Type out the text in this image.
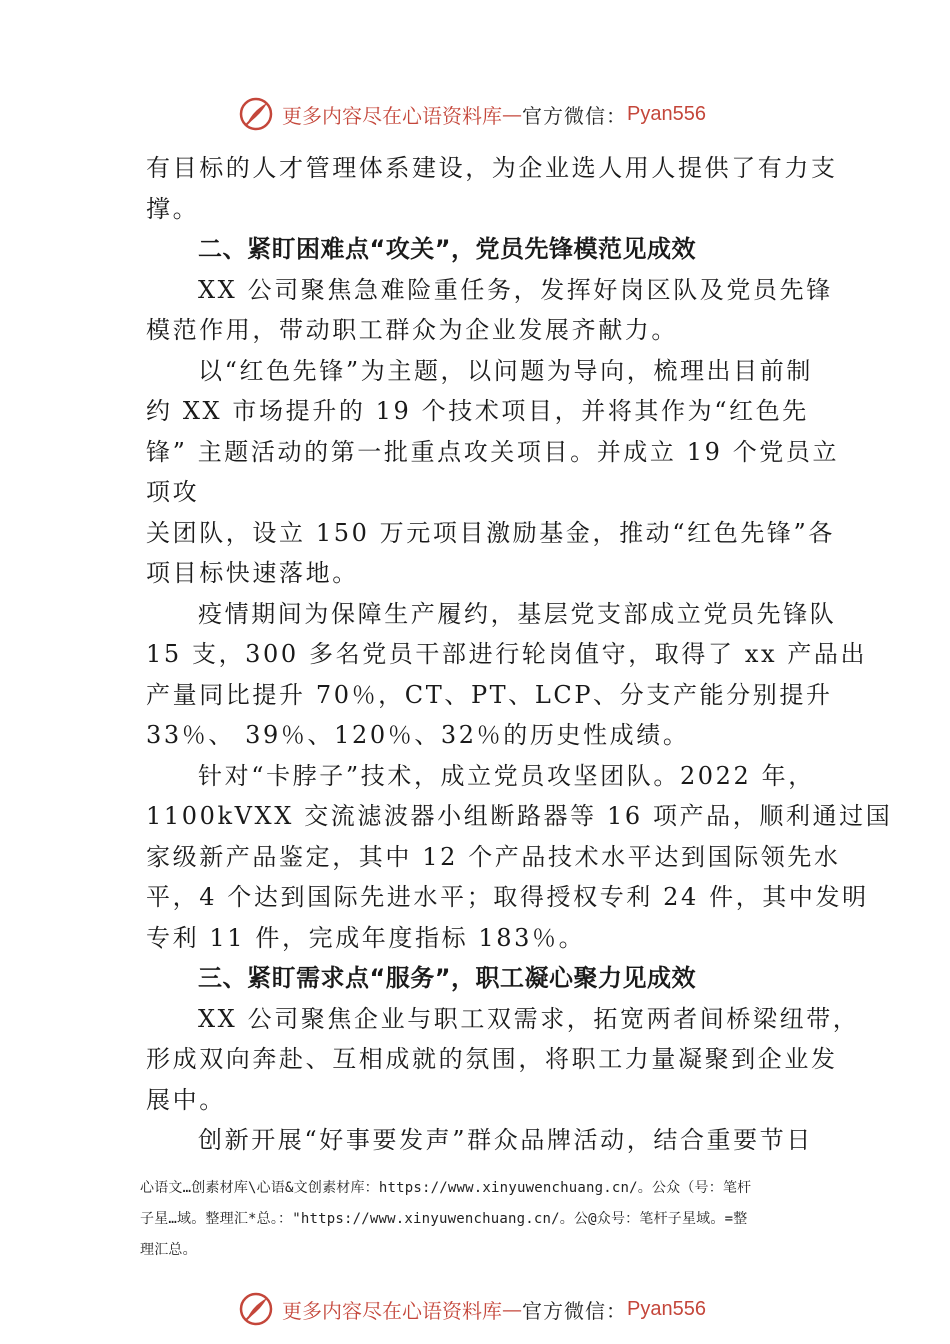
更多内容尽在心语资料库 — 官方微信： Pyan556
有目标的人才管理体系建设，为企业选人用人提供了有力支
撑。
二、紧盯困难点“攻关”，党员先锋模范见成效
XX 公司聚焦急难险重任务，发挥好岗区队及党员先锋
模范作用，带动职工群众为企业发展齐献力。
以“红色先锋”为主题，以问题为导向，梳理出目前制
约 XX 市场提升的 19 个技术项目，并将其作为“红色先
锋” 主题活动的第一批重点攻关项目。并成立 19 个党员立
项攻
关团队，设立 150 万元项目激励基金，推动“红色先锋”各
项目标快速落地。
疫情期间为保障生产履约，基层党支部成立党员先锋队
15 支，300 多名党员干部进行轮岗值守，取得了 xx 产品出
产量同比提升 70％，CT、PT、LCP、分支产能分别提升
33％、 39％、120％、32％的历史性成绩。
针对“卡脖子”技术，成立党员攻坚团队。2022 年，
1100kVXX 交流滤波器小组断路器等 16 项产品，顺利通过国
家级新产品鉴定，其中 12 个产品技术水平达到国际领先水
平，4 个达到国际先进水平；取得授权专利 24 件，其中发明
专利 11 件，完成年度指标 183％。
三、紧盯需求点“服务”，职工凝心聚力见成效
XX 公司聚焦企业与职工双需求，拓宽两者间桥梁纽带，
形成双向奔赴、互相成就的氛围，将职工力量凝聚到企业发
展中。
创新开展“好事要发声”群众品牌活动，结合重要节日
心语文…创素材库\心语&文创素材库：https://www.xinyuwenchuang.cn/。公众（号：笔杆
子星…域。整理汇*总。："https://www.xinyuwenchuang.cn/。公@众号：笔杆子星域。=整
理汇总。
更多内容尽在心语资料库 — 官方微信： Pyan556
